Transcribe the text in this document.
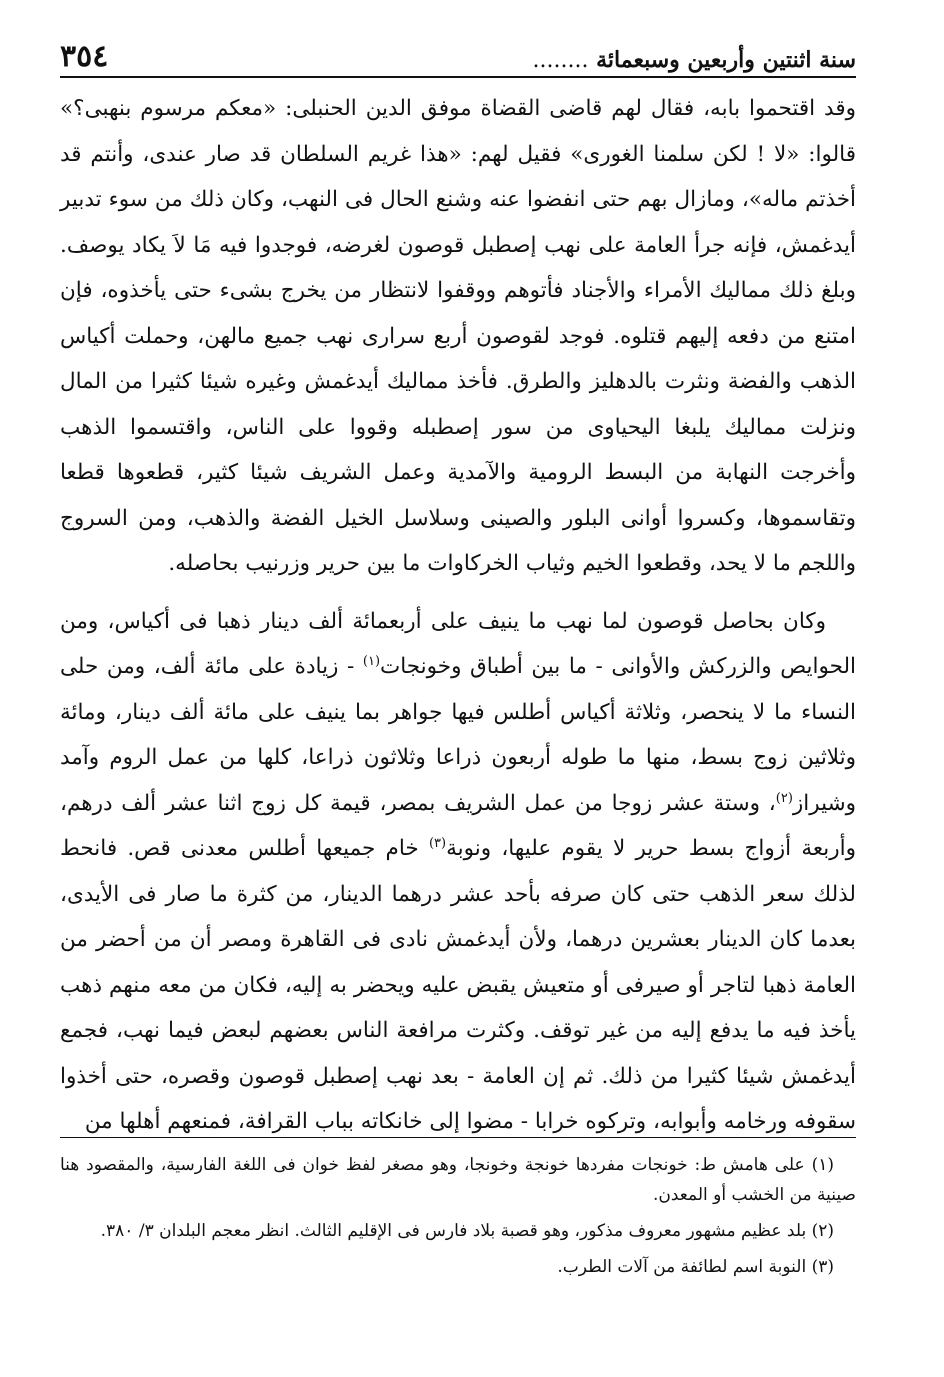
سنة اثنتين وأربعين وسبعمائة ........
٣٥٤

وقد اقتحموا بابه، فقال لهم قاضى القضاة موفق الدين الحنبلى: «معكم مرسوم بنهبى؟» قالوا: «لا ! لكن سلمنا الغورى» فقيل لهم: «هذا غريم السلطان قد صار عندى، وأنتم قد أخذتم ماله»، ومازال بهم حتى انفضوا عنه وشنع الحال فى النهب، وكان ذلك من سوء تدبير أيدغمش، فإنه جرأ العامة على نهب إصطبل قوصون لغرضه، فوجدوا فيه مَا لاَ يكاد يوصف. وبلغ ذلك مماليك الأمراء والأجناد فأتوهم ووقفوا لانتظار من يخرج بشىء حتى يأخذوه، فإن امتنع من دفعه إليهم قتلوه. فوجد لقوصون أربع سرارى نهب جميع مالهن، وحملت أكياس الذهب والفضة ونثرت بالدهليز والطرق. فأخذ مماليك أيدغمش وغيره شيئا كثيرا من المال ونزلت مماليك يلبغا اليحياوى من سور إصطبله وقووا على الناس، واقتسموا الذهب وأخرجت النهابة من البسط الرومية والآمدية وعمل الشريف شيئا كثير، قطعوها قطعا وتقاسموها، وكسروا أوانى البلور والصينى وسلاسل الخيل الفضة والذهب، ومن السروج واللجم ما لا يحد، وقطعوا الخيم وثياب الخركاوات ما بين حرير وزرنيب بحاصله.

وكان بحاصل قوصون لما نهب ما ينيف على أربعمائة ألف دينار ذهبا فى أكياس، ومن الحوايص والزركش والأوانى - ما بين أطباق وخونجات$^{(١)}$ - زيادة على مائة ألف، ومن حلى النساء ما لا ينحصر، وثلاثة أكياس أطلس فيها جواهر بما ينيف على مائة ألف دينار، ومائة وثلاثين زوج بسط، منها ما طوله أربعون ذراعا وثلاثون ذراعا، كلها من عمل الروم وآمد وشيراز$^{(٢)}$، وستة عشر زوجا من عمل الشريف بمصر، قيمة كل زوج اثنا عشر ألف درهم، وأربعة أزواج بسط حرير لا يقوم عليها، ونوبة$^{(٣)}$ خام جميعها أطلس معدنى قص. فانحط لذلك سعر الذهب حتى كان صرفه بأحد عشر درهما الدينار، من كثرة ما صار فى الأيدى، بعدما كان الدينار بعشرين درهما، ولأن أيدغمش نادى فى القاهرة ومصر أن من أحضر من العامة ذهبا لتاجر أو صيرفى أو متعيش يقبض عليه ويحضر به إليه، فكان من معه منهم ذهب يأخذ فيه ما يدفع إليه من غير توقف. وكثرت مرافعة الناس بعضهم لبعض فيما نهب، فجمع أيدغمش شيئا كثيرا من ذلك. ثم إن العامة - بعد نهب إصطبل قوصون وقصره، حتى أخذوا سقوفه ورخامه وأبوابه، وتركوه خرابا - مضوا إلى خانكاته بباب القرافة، فمنعهم أهلها من

(١) على هامش ط: خونجات مفردها خونجة وخونجا، وهو مصغر لفظ خوان فى اللغة الفارسية، والمقصود هنا صينية من الخشب أو المعدن.

(٢) بلد عظيم مشهور معروف مذكور، وهو قصبة بلاد فارس فى الإقليم الثالث. انظر معجم البلدان ٣/ ٣٨٠.

(٣) النوبة اسم لطائفة من آلات الطرب.
